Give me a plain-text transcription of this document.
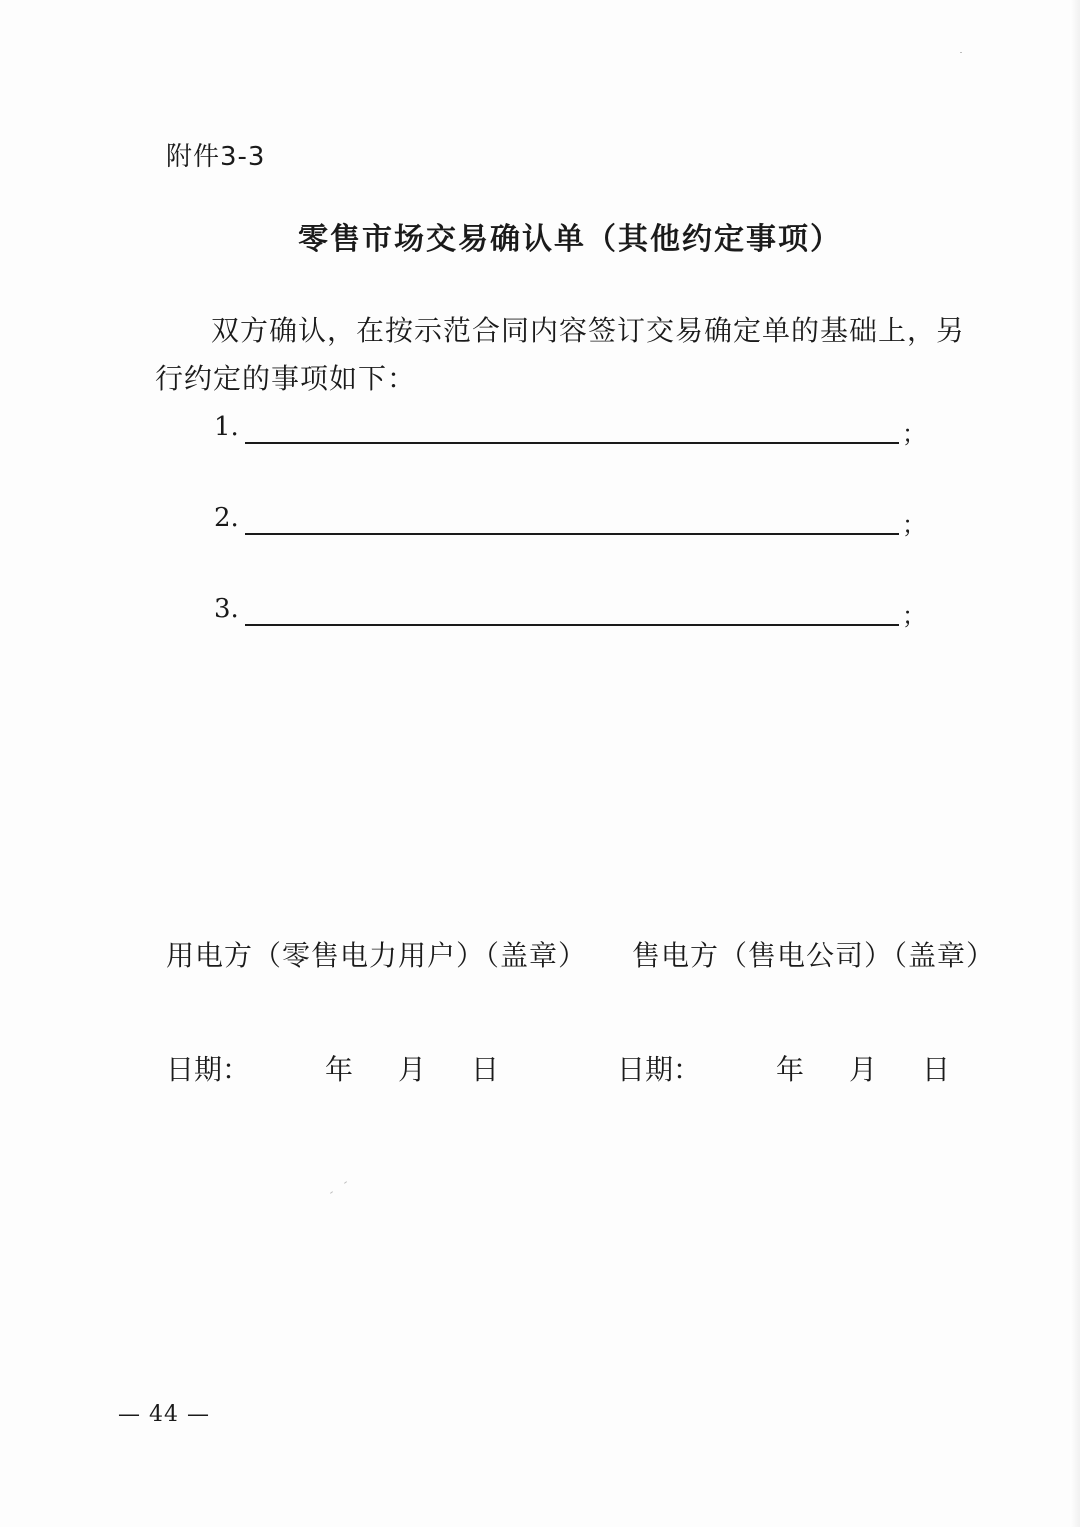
附件3-3
零售市场交易确认单（其他约定事项）

双方确认，在按示范合同内容签订交易确定单的基础上，另行约定的事项如下：

1.	；
2.	；
3.	；
用电方（零售电力用户）（盖章） 售电方（售电公司）（盖章）
日期：	年 月 日	日期：	年 月 日
— 44 —
